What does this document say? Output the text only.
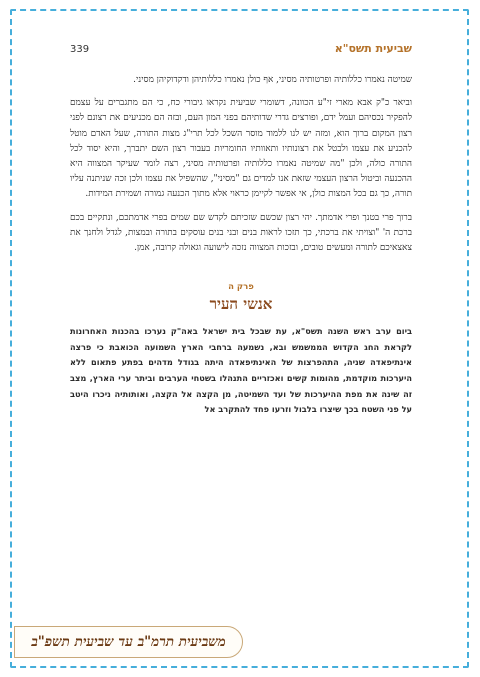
שביעית תשס"א
339

שמיטה נאמרו כללותיה ופרטותיה מסיני, אף כולן נאמרו כללותיהן ודקדוקיהן מסיני.

וביאר כ"ק אבא מארי זי"ע הכוונה, דשומרי שביעית נקראו גיבורי כח, כי הם מתגברים על עצמם להפקיר נכסיהם ועמל ידם, ופורצים גדרי שדותיהם בפני המון העם, ובזה הם מכניעים את רצונם לפני רצון המקום ברוך הוא, ומזה יש לנו ללמוד מוסר השכל לכל תרי"ג מצות התורה, שעל האדם מוטל להכניע את עצמו ולבטל את רצונותיו ותאוותיו החומריות בעבור רצון השם יתברך, והיא יסוד לכל התורה כולה, ולכן "מה שמיטה נאמרו כללותיה ופרטותיה מסיני, רצה לומר שעיקר המצווה היא ההכנעה וביטול הרצון העצמי שזאת אנו למדים גם "מסיני", שהשפיל את עצמו ולכן זכה שניתנה עליו תורה, כך גם בכל המצות כולן, אי אפשר לקיימן כראוי אלא מתוך הכנעה גמורה ושמירת המידות.

ברוך פרי בטנך ופרי אדמתך. יהי רצון שכשם שזכיתם לקדש שם שמים בפרי אדמתכם, ונתקיים בכם ברכת ה' "וצויתי את ברכתי, כך תזכו לראות בנים ובני בנים עוסקים בתורה ובמצות, לגדל ולחנך את צאצאיכם לתורה ומעשים טובים, ובזכות המצווה נזכה לישועה וגאולה קרובה, אמן.

פרק ה
אנשי העיר

ביום ערב ראש השנה תשס"א, עת שבכל בית ישראל באה"ק נערכו בהכנות האחרונות לקראת החג הקדוש הממשמש ובא, נשמעה ברחבי הארץ השמועה הכואבת כי פרצה אינתיפאדה שניה, התהפרצות של האינתיפאדה היתה בגודל מדהים בפתע פתאום ללא היערכות מוקדמת, מהומות קשים ואכזריים התנהלו בשטחי הערבים וביתר ערי הארץ, מצב זה שינה את מפת ההיערכות של ועד השמיטה, מן הקצה אל הקצה, ואותותיה ניכרו היטב על פני השטח בכך שיצרו בלבול וזרעו פחד להתקרב אל

משביעית תרמ"ב עד שביעית תשפ"ב
